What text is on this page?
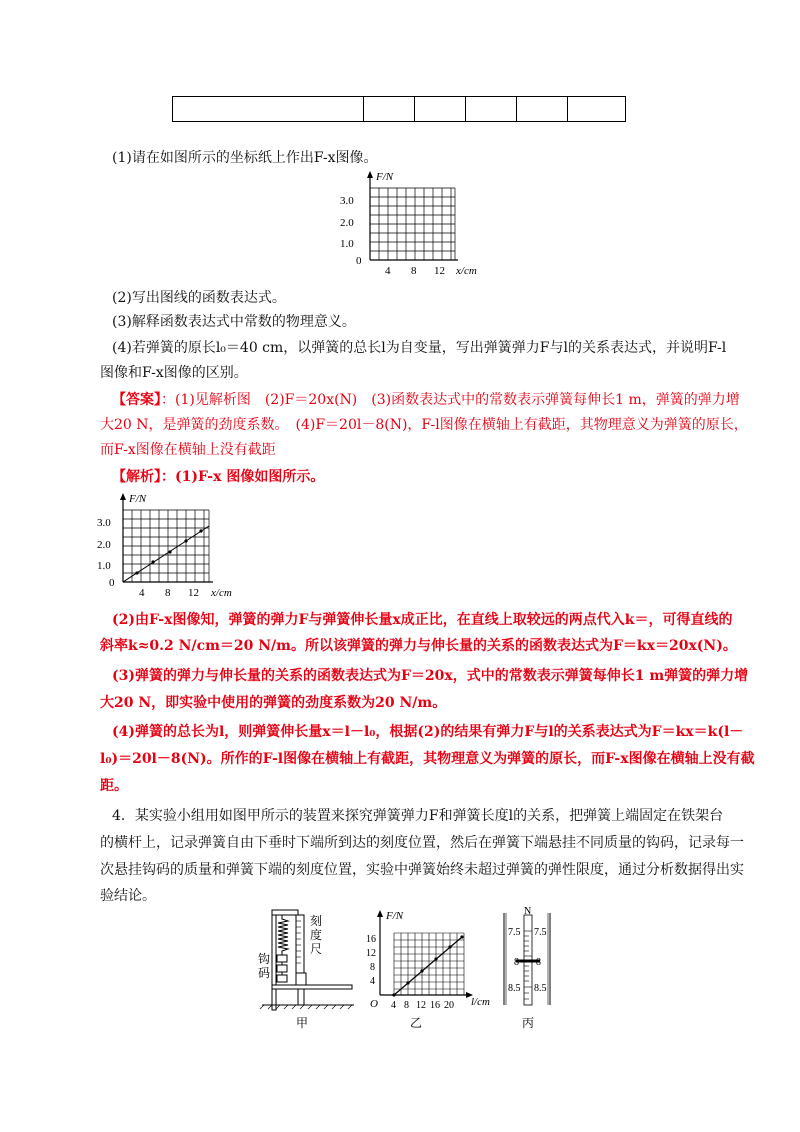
(1)请在如图所示的坐标纸上作出F-x图像。
F/N
3.0
2.0
1.0
0
4 8 12 x/cm
(2)写出图线的函数表达式。
(3)解释函数表达式中常数的物理意义。
(4)若弹簧的原长l₀＝40 cm，以弹簧的总长l为自变量，写出弹簧弹力F与l的关系表达式，并说明F-l
图像和F-x图像的区别。
【答案】：(1)见解析图　(2)F＝20x(N)　(3)函数表达式中的常数表示弹簧每伸长1 m，弹簧的弹力增
大20 N，是弹簧的劲度系数。　(4)F＝20l－8(N)，F-l图像在横轴上有截距，其物理意义为弹簧的原长，
而F-x图像在横轴上没有截距
【解析】：(1)F-x 图像如图所示。
F/N
3.0
2.0
1.0
0
4 8 12 x/cm
(2)由F-x图像知，弹簧的弹力F与弹簧伸长量x成正比，在直线上取较远的两点代入k＝，可得直线的
斜率k≈0.2 N/cm＝20 N/m。所以该弹簧的弹力与伸长量的关系的函数表达式为F＝kx＝20x(N)。
(3)弹簧的弹力与伸长量的关系的函数表达式为F＝20x，式中的常数表示弹簧每伸长1 m弹簧的弹力增
大20 N，即实验中使用的弹簧的劲度系数为20 N/m。
(4)弹簧的总长为l，则弹簧伸长量x＝l－l₀，根据(2)的结果有弹力F与l的关系表达式为F＝kx＝k(l－
l₀)＝20l－8(N)。所作的F-l图像在横轴上有截距，其物理意义为弹簧的原长，而F-x图像在横轴上没有截
距。
4．某实验小组用如图甲所示的装置来探究弹簧弹力F和弹簧长度l的关系，把弹簧上端固定在铁架台
的横杆上，记录弹簧自由下垂时下端所到达的刻度位置，然后在弹簧下端悬挂不同质量的钩码，记录每一
次悬挂钩码的质量和弹簧下端的刻度位置，实验中弹簧始终未超过弹簧的弹性限度，通过分析数据得出实
验结论。
刻
度
尺
钩
码
甲
F/N
16
12
8
4
O 4 8 12 16 20 l/cm
乙
N
7.5
8
8.5
7.5
8
8.5
丙
